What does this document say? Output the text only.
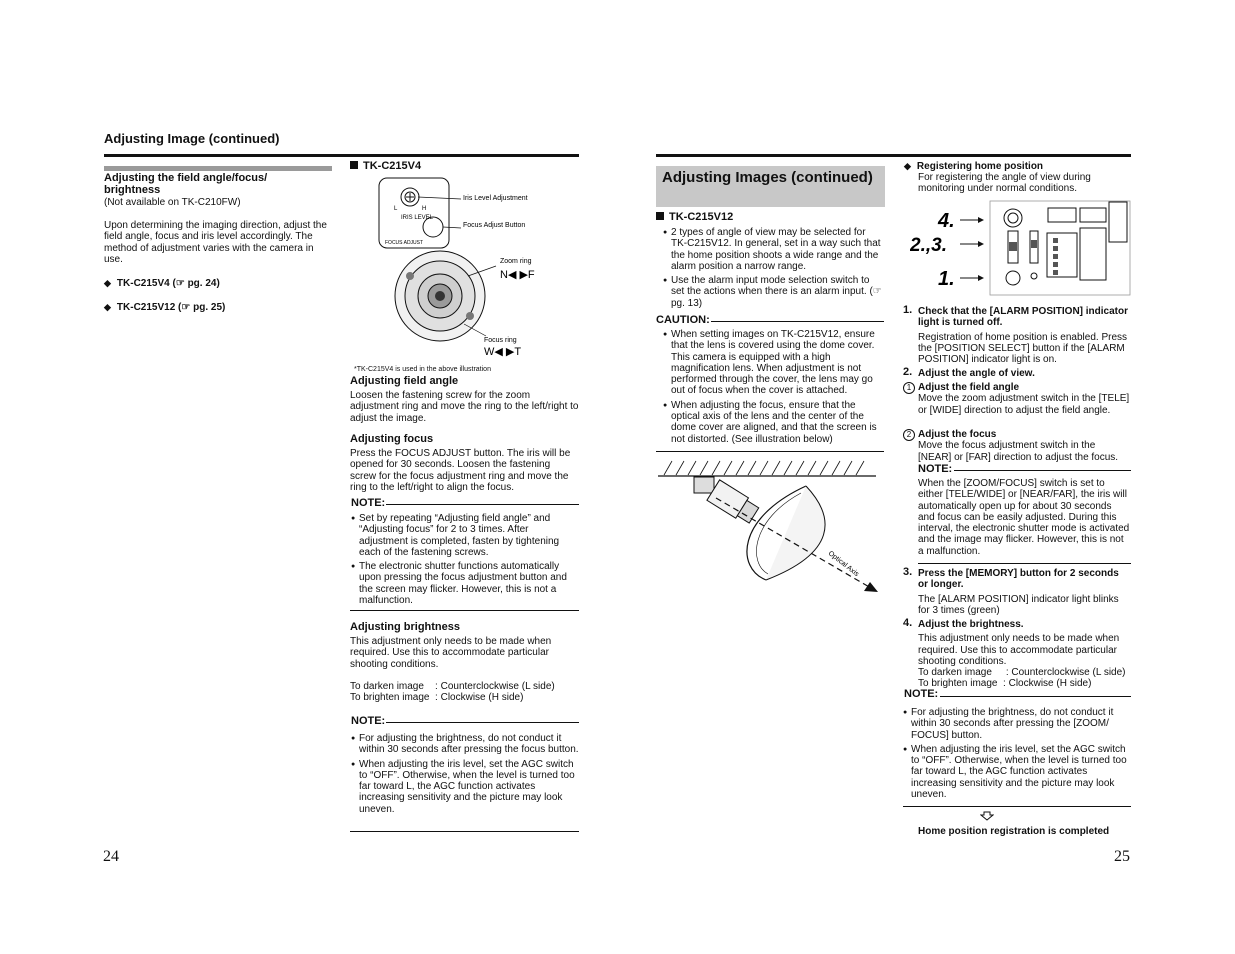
Adjusting Image (continued)
Adjusting the field angle/focus/ brightness
(Not available on TK-C210FW)
Upon determining the imaging direction, adjust the field angle, focus and iris level accordingly. The method of adjustment varies with the camera in use.
◆ TK-C215V4 (☞ pg. 24)
◆ TK-C215V12 (☞ pg. 25)
TK-C215V4
L	H
IRIS LEVEL
FOCUS ADJUST
Iris Level Adjustment
Focus Adjust Button
Zoom ring
N◀ ▶F
Focus ring
W◀ ▶T
*TK-C215V4 is used in the above illustration
Adjusting field angle
Loosen the fastening screw for the zoom adjustment ring and move the ring to the left/right to adjust the image.
Adjusting focus
Press the FOCUS ADJUST button. The iris will be opened for 30 seconds. Loosen the fastening screw for the focus adjustment ring and move the ring to the left/right to align the focus.
NOTE:
● Set by repeating “Adjusting field angle” and “Adjusting focus” for 2 to 3 times. After adjustment is completed, fasten by tightening each of the fastening screws.
● The electronic shutter functions automatically upon pressing the focus adjustment button and the screen may flicker. However, this is not a malfunction.
Adjusting brightness
This adjustment only needs to be made when required. Use this to accommodate particular shooting conditions.
To darken image    : Counterclockwise (L side)
To brighten image  : Clockwise (H side)
NOTE:
● For adjusting the brightness, do not conduct it within 30 seconds after pressing the focus button.
● When adjusting the iris level, set the AGC switch to “OFF”. Otherwise, when the level is turned too far toward L, the AGC function activates increasing sensitivity and the picture may look uneven.
24
Adjusting Images (continued)
TK-C215V12
● 2 types of angle of view may be selected for TK-C215V12. In general, set in a way such that the home position shoots a wide range and the alarm position a narrow range.
● Use the alarm input mode selection switch to set the actions when there is an alarm input. (☞ pg. 13)
CAUTION:
● When setting images on TK-C215V12, ensure that the lens is covered using the dome cover. This camera is equipped with a high magnification lens. When adjustment is not performed through the cover, the lens may go out of focus when the cover is attached.
● When adjusting the focus, ensure that the optical axis of the lens and the center of the dome cover are aligned, and that the screen is not distorted. (See illustration below)
Optical Axis
◆ Registering home position
For registering the angle of view during monitoring under normal conditions.
4.
2.,3.
1.
1. Check that the [ALARM POSITION] indicator light is turned off.
Registration of home position is enabled. Press the [POSITION SELECT] button if the [ALARM POSITION] indicator light is on.
2. Adjust the angle of view.
1 Adjust the field angle
Move the zoom adjustment switch in the [TELE] or [WIDE] direction to adjust the field angle.
2 Adjust the focus
Move the focus adjustment switch in the [NEAR] or [FAR] direction to adjust the focus.
NOTE:
When the [ZOOM/FOCUS] switch is set to either [TELE/WIDE] or [NEAR/FAR], the iris will automatically open up for about 30 seconds and focus can be easily adjusted. During this interval, the electronic shutter mode is activated and the image may flicker. However, this is not a malfunction.
3. Press the [MEMORY] button for 2 seconds or longer.
The [ALARM POSITION] indicator light blinks for 3 times (green)
4. Adjust the brightness.
This adjustment only needs to be made when required. Use this to accommodate particular shooting conditions.
To darken image     : Counterclockwise (L side)
To brighten image  : Clockwise (H side)
NOTE:
● For adjusting the brightness, do not conduct it within 30 seconds after pressing the [ZOOM/ FOCUS] button.
● When adjusting the iris level, set the AGC switch to “OFF”. Otherwise, when the level is turned too far toward L, the AGC function activates increasing sensitivity and the picture may look uneven.
Home position registration is completed
25
